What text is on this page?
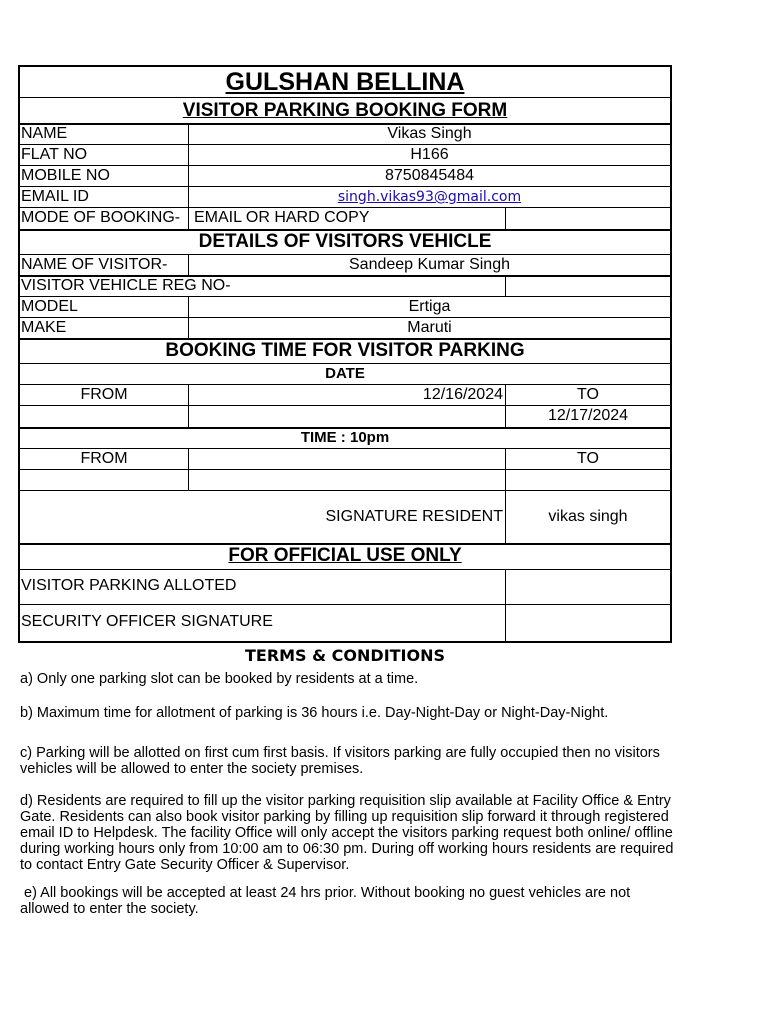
GULSHAN BELLINA
VISITOR PARKING BOOKING FORM
NAME	Vikas Singh
FLAT NO	H166
MOBILE NO	8750845484
EMAIL ID	singh.vikas93@gmail.com
MODE OF BOOKING- EMAIL OR HARD COPY
DETAILS OF VISITORS VEHICLE
NAME OF VISITOR-	Sandeep Kumar Singh
VISITOR VEHICLE REG NO-
MODEL	Ertiga
MAKE	Maruti
BOOKING TIME FOR VISITOR PARKING
DATE
FROM	12/16/2024	TO
12/17/2024
TIME : 10pm
FROM	TO
SIGNATURE RESIDENT	vikas singh
FOR OFFICIAL USE ONLY
VISITOR PARKING ALLOTED
SECURITY OFFICER SIGNATURE
TERMS & CONDITIONS
a) Only one parking slot can be booked by residents at a time.
b) Maximum time for allotment of parking is 36 hours i.e. Day-Night-Day or Night-Day-Night.
c) Parking will be allotted on first cum first basis. If visitors parking are fully occupied then no visitors vehicles will be allowed to enter the society premises.
d) Residents are required to fill up the visitor parking requisition slip available at Facility Office & Entry Gate. Residents can also book visitor parking by filling up requisition slip forward it through registered email ID to Helpdesk. The facility Office will only accept the visitors parking request both online/ offline during working hours only from 10:00 am to 06:30 pm. During off working hours residents are required to contact Entry Gate Security Officer & Supervisor.
e) All bookings will be accepted at least 24 hrs prior. Without booking no guest vehicles are not allowed to enter the society.
